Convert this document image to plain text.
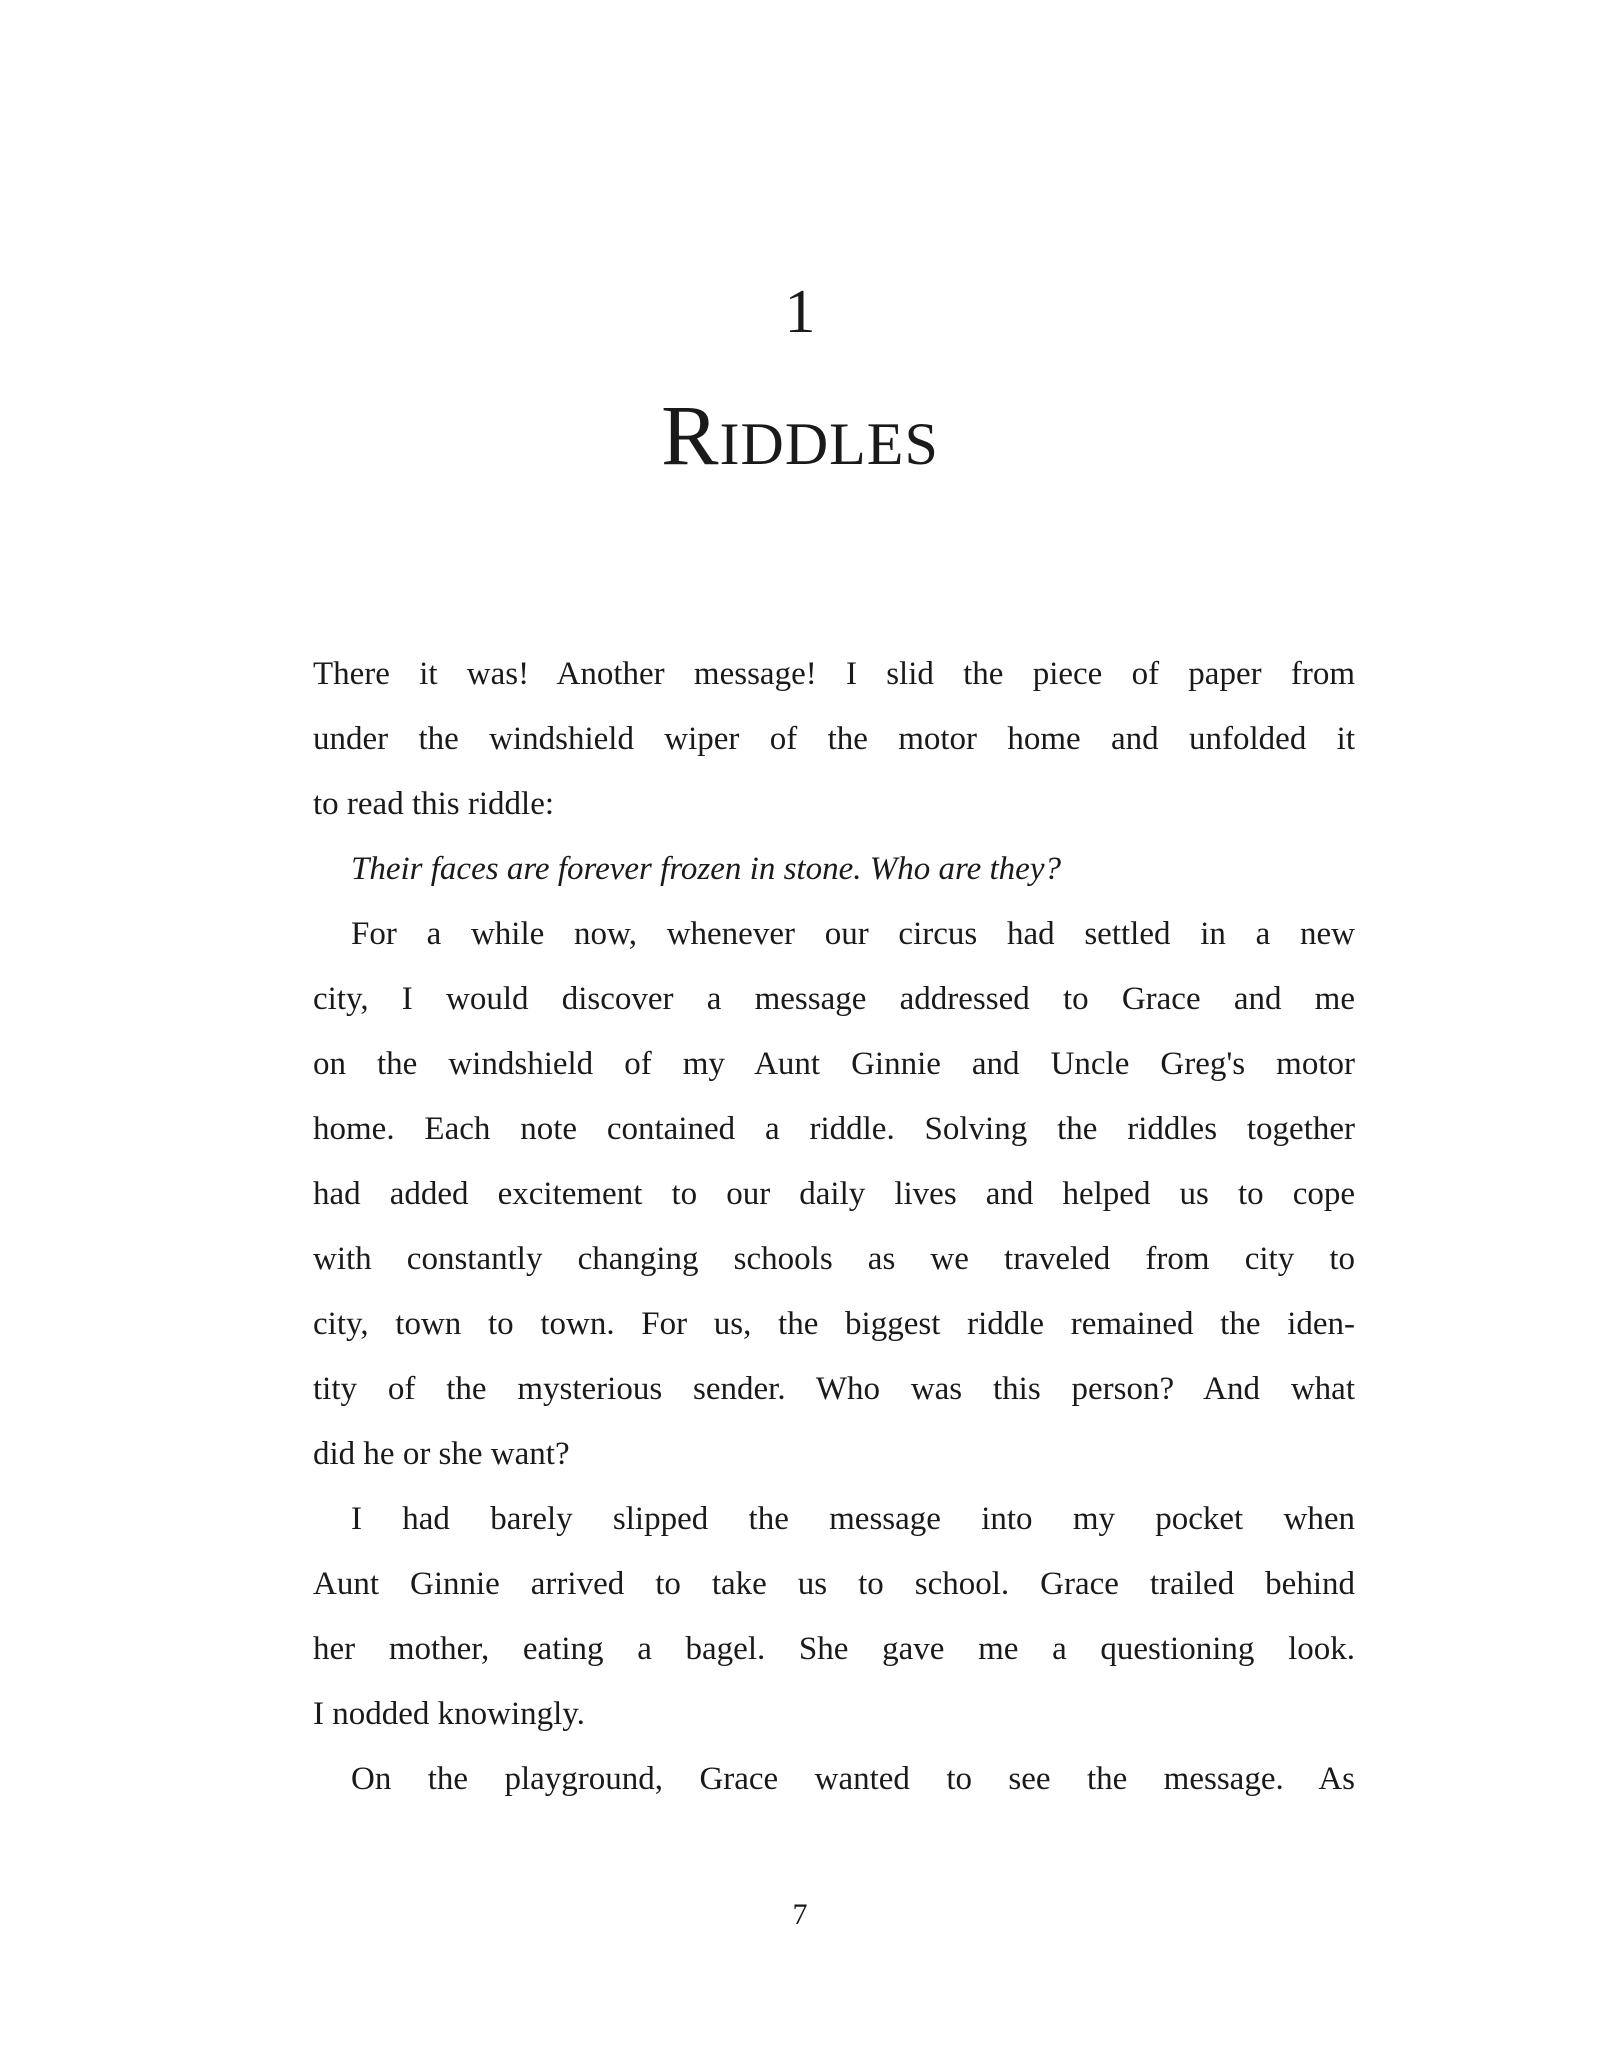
1
Riddles
There it was! Another message! I slid the piece of paper from
under the windshield wiper of the motor home and unfolded it
to read this riddle:
Their faces are forever frozen in stone. Who are they?
For a while now, whenever our circus had settled in a new
city, I would discover a message addressed to Grace and me
on the windshield of my Aunt Ginnie and Uncle Greg's motor
home. Each note contained a riddle. Solving the riddles together
had added excitement to our daily lives and helped us to cope
with constantly changing schools as we traveled from city to
city, town to town. For us, the biggest riddle remained the iden-
tity of the mysterious sender. Who was this person? And what
did he or she want?
I had barely slipped the message into my pocket when
Aunt Ginnie arrived to take us to school. Grace trailed behind
her mother, eating a bagel. She gave me a questioning look.
I nodded knowingly.
On the playground, Grace wanted to see the message. As
7
